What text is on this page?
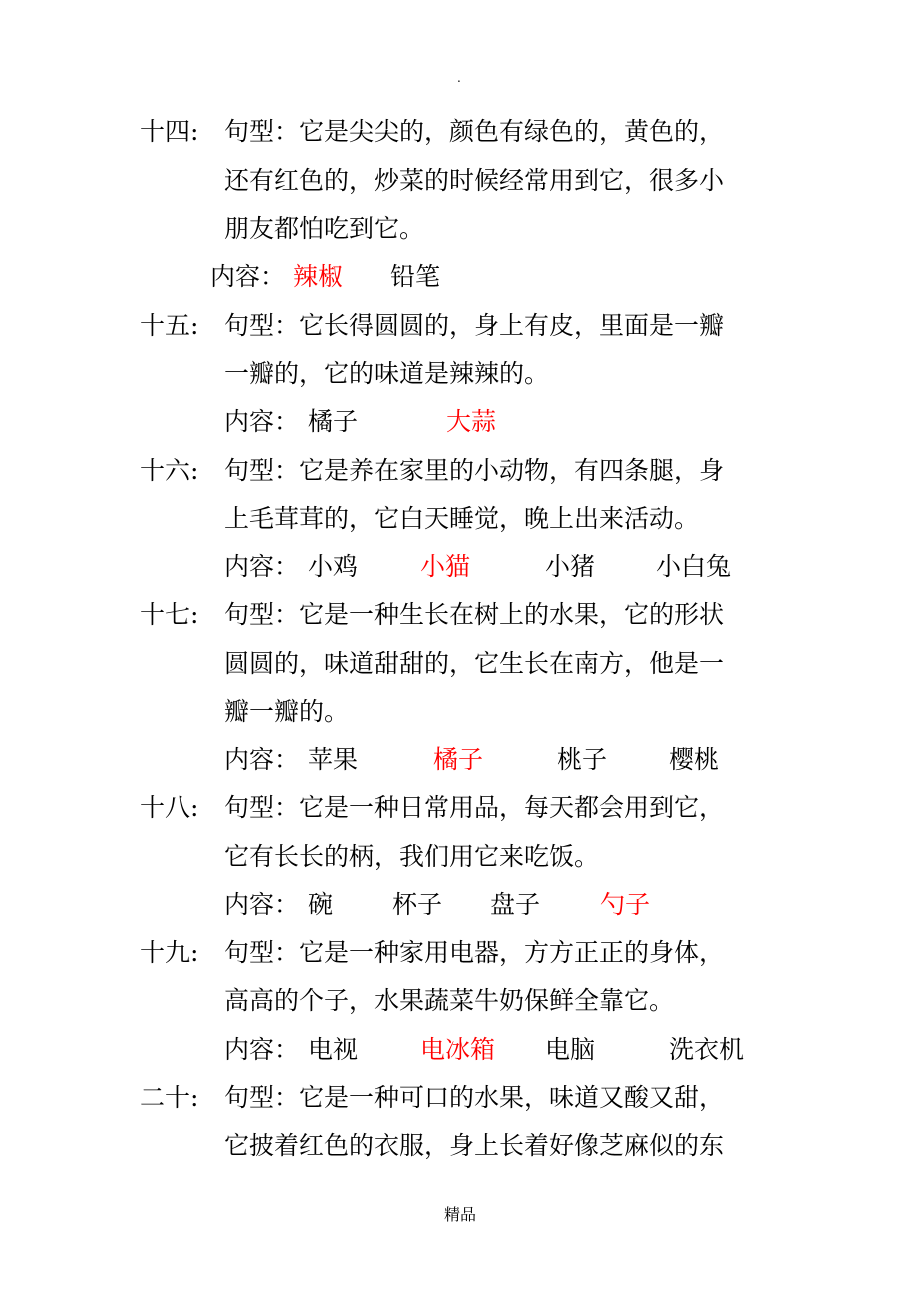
.
十四: 句型：它是尖尖的，颜色有绿色的，黄色的，
还有红色的，炒菜的时候经常用到它，很多小
朋友都怕吃到它。
内容： 辣椒 铅笔
十五: 句型：它长得圆圆的，身上有皮，里面是一瓣
一瓣的，它的味道是辣辣的。
内容： 橘子	大蒜
十六: 句型：它是养在家里的小动物，有四条腿，身
上毛茸茸的，它白天睡觉，晚上出来活动。
内容： 小鸡 小猫	小猪 小白兔
十七: 句型：它是一种生长在树上的水果，它的形状
圆圆的，味道甜甜的，它生长在南方，他是一
瓣一瓣的。
内容： 苹果	橘子	桃子 樱桃
十八: 句型：它是一种日常用品，每天都会用到它，
它有长长的柄，我们用它来吃饭。
内容： 碗 杯子 盘子 勺子
十九: 句型：它是一种家用电器，方方正正的身体，
高高的个子，水果蔬菜牛奶保鲜全靠它。
内容： 电视 电冰箱 电脑	洗衣机
二十: 句型：它是一种可口的水果，味道又酸又甜，
它披着红色的衣服，身上长着好像芝麻似的东
精品
